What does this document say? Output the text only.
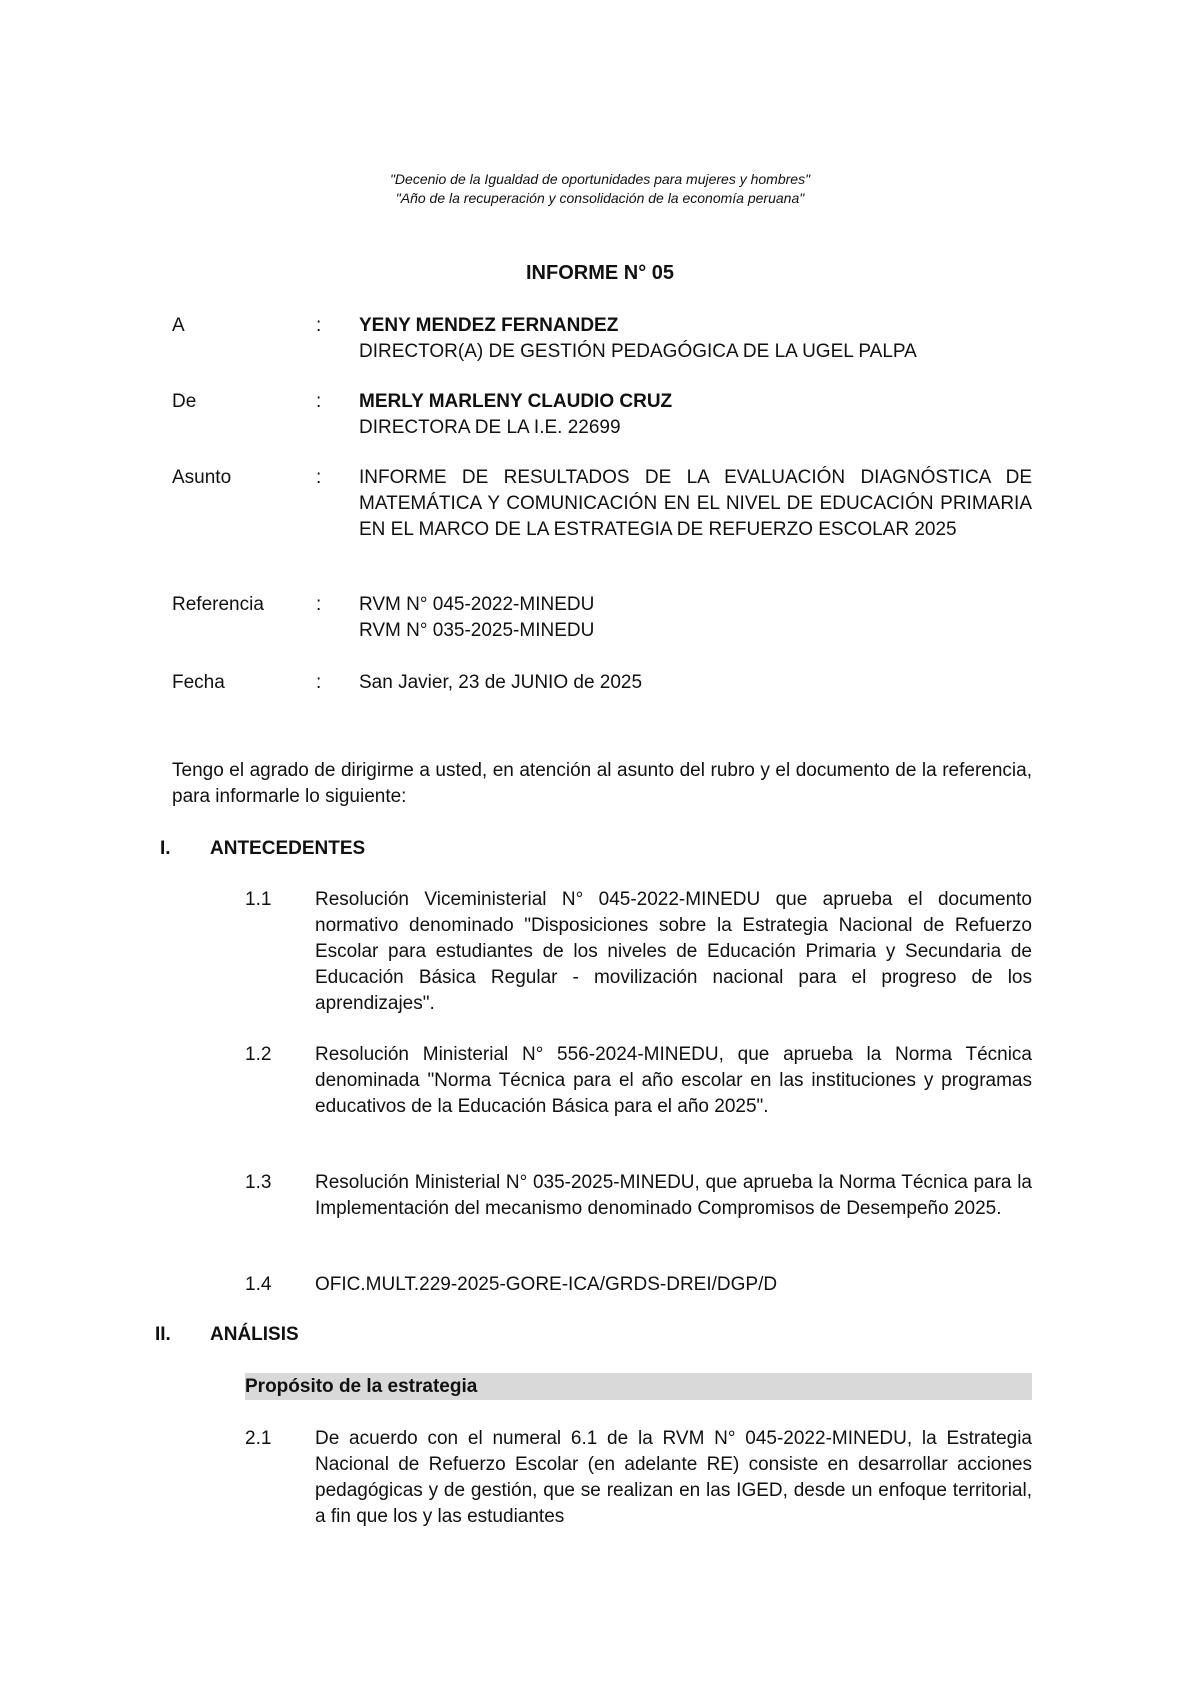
"Decenio de la Igualdad de oportunidades para mujeres y hombres"
"Año de la recuperación y consolidación de la economía peruana"
INFORME N° 05
A	: YENY MENDEZ FERNANDEZ
DIRECTOR(A) DE GESTIÓN PEDAGÓGICA DE LA UGEL PALPA
De	: MERLY MARLENY CLAUDIO CRUZ
DIRECTORA DE LA I.E. 22699
Asunto	: INFORME DE RESULTADOS DE LA EVALUACIÓN DIAGNÓSTICA DE MATEMÁTICA Y COMUNICACIÓN EN EL NIVEL DE EDUCACIÓN PRIMARIA EN EL MARCO DE LA ESTRATEGIA DE REFUERZO ESCOLAR 2025
Referencia	: RVM N° 045-2022-MINEDU
RVM N° 035-2025-MINEDU
Fecha	: San Javier, 23 de JUNIO de 2025
Tengo el agrado de dirigirme a usted, en atención al asunto del rubro y el documento de la referencia, para informarle lo siguiente:
I. ANTECEDENTES
1.1 Resolución Viceministerial N° 045-2022-MINEDU que aprueba el documento normativo denominado "Disposiciones sobre la Estrategia Nacional de Refuerzo Escolar para estudiantes de los niveles de Educación Primaria y Secundaria de Educación Básica Regular - movilización nacional para el progreso de los aprendizajes".
1.2 Resolución Ministerial N° 556-2024-MINEDU, que aprueba la Norma Técnica denominada "Norma Técnica para el año escolar en las instituciones y programas educativos de la Educación Básica para el año 2025".
1.3 Resolución Ministerial N° 035-2025-MINEDU, que aprueba la Norma Técnica para la Implementación del mecanismo denominado Compromisos de Desempeño 2025.
1.4 OFIC.MULT.229-2025-GORE-ICA/GRDS-DREI/DGP/D
II. ANÁLISIS
Propósito de la estrategia
2.1 De acuerdo con el numeral 6.1 de la RVM N° 045-2022-MINEDU, la Estrategia Nacional de Refuerzo Escolar (en adelante RE) consiste en desarrollar acciones pedagógicas y de gestión, que se realizan en las IGED, desde un enfoque territorial, a fin que los y las estudiantes
